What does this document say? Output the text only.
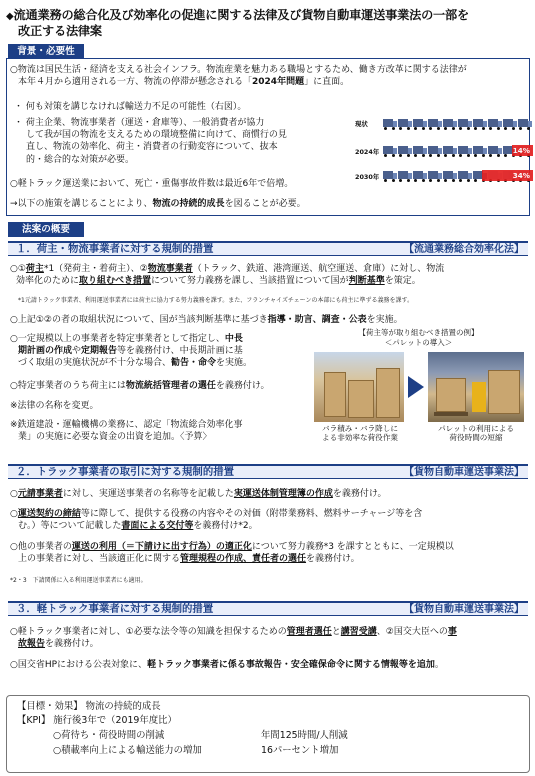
◆流通業務の総合化及び効率化の促進に関する法律及び貨物自動車運送事業法の一部を
改正する法律案
背景・必要性
○物流は国民生活・経済を支える社会インフラ。物流産業を魅力ある職場とするため、働き方改革に関する法律が
本年４月から適用される一方、物流の停滞が懸念される「2024年問題」に直面。
・ 何も対策を講じなければ輸送力不足の可能性（右図）。
・ 荷主企業、物流事業者（運送・倉庫等）、一般消費者が協力
して我が国の物流を支えるための環境整備に向けて、商慣行の見
直し、物流の効率化、荷主・消費者の行動変容について、抜本
的・総合的な対策が必要。
現状
2024年
2030年
14%
34%
○軽トラック運送業において、死亡・重傷事故件数は最近6年で倍増。
→以下の施策を講じることにより、物流の持続的成長を図ることが必要。
法案の概要
１．荷主・物流事業者に対する規制的措置	【流通業務総合効率化法】
○①荷主*1（発荷主・着荷主）、②物流事業者（トラック、鉄道、港湾運送、航空運送、倉庫）に対し、物流
効率化のために取り組むべき措置について努力義務を課し、当該措置について国が判断基準を策定。
*1元請トラック事業者、利用運送事業者には荷主に協力する努力義務を課す。また、フランチャイズチェーンの本部にも荷主に準ずる義務を課す。
○上記①②の者の取組状況について、国が当該判断基準に基づき指導・助言、調査・公表を実施。
○一定規模以上の事業者を特定事業者として指定し、中長
期計画の作成や定期報告等を義務付け、中長期計画に基
づく取組の実施状況が不十分な場合、勧告・命令を実施。
○特定事業者のうち荷主には物流統括管理者の選任を義務付け。
※法律の名称を変更。
※鉄道建設・運輸機構の業務に、認定「物流総合効率化事
業」の実施に必要な資金の出資を追加。〈予算〉
【荷主等が取り組むべき措置の例】
＜パレットの導入＞
バラ積み・バラ降しに
よる非効率な荷役作業
パレットの利用による
荷役時間の短縮
２．トラック事業者の取引に対する規制的措置	【貨物自動車運送事業法】
○元請事業者に対し、実運送事業者の名称等を記載した実運送体制管理簿の作成を義務付け。
○運送契約の締結等に際して、提供する役務の内容やその対価（附帯業務料、燃料サーチャージ等を含
む。）等について記載した書面による交付等を義務付け*2。
○他の事業者の運送の利用（＝下請けに出す行為）の適正化について努力義務*3 を課すとともに、一定規模以
上の事業者に対し、当該適正化に関する管理規程の作成、責任者の選任を義務付け。
*2・3　下請関係に入る利用運送事業者にも適用。
３．軽トラック事業者に対する規制的措置	【貨物自動車運送事業法】
○軽トラック事業者に対し、①必要な法令等の知識を担保するための管理者選任と講習受講、②国交大臣への事
故報告を義務付け。
○国交省HPにおける公表対象に、軽トラック事業者に係る事故報告・安全確保命令に関する情報等を追加。
【目標・効果】 物流の持続的成長
【KPI】 施行後3年で（2019年度比）
○荷待ち・荷役時間の削減	年間125時間/人削減
○積載率向上による輸送能力の増加	16パーセント増加
